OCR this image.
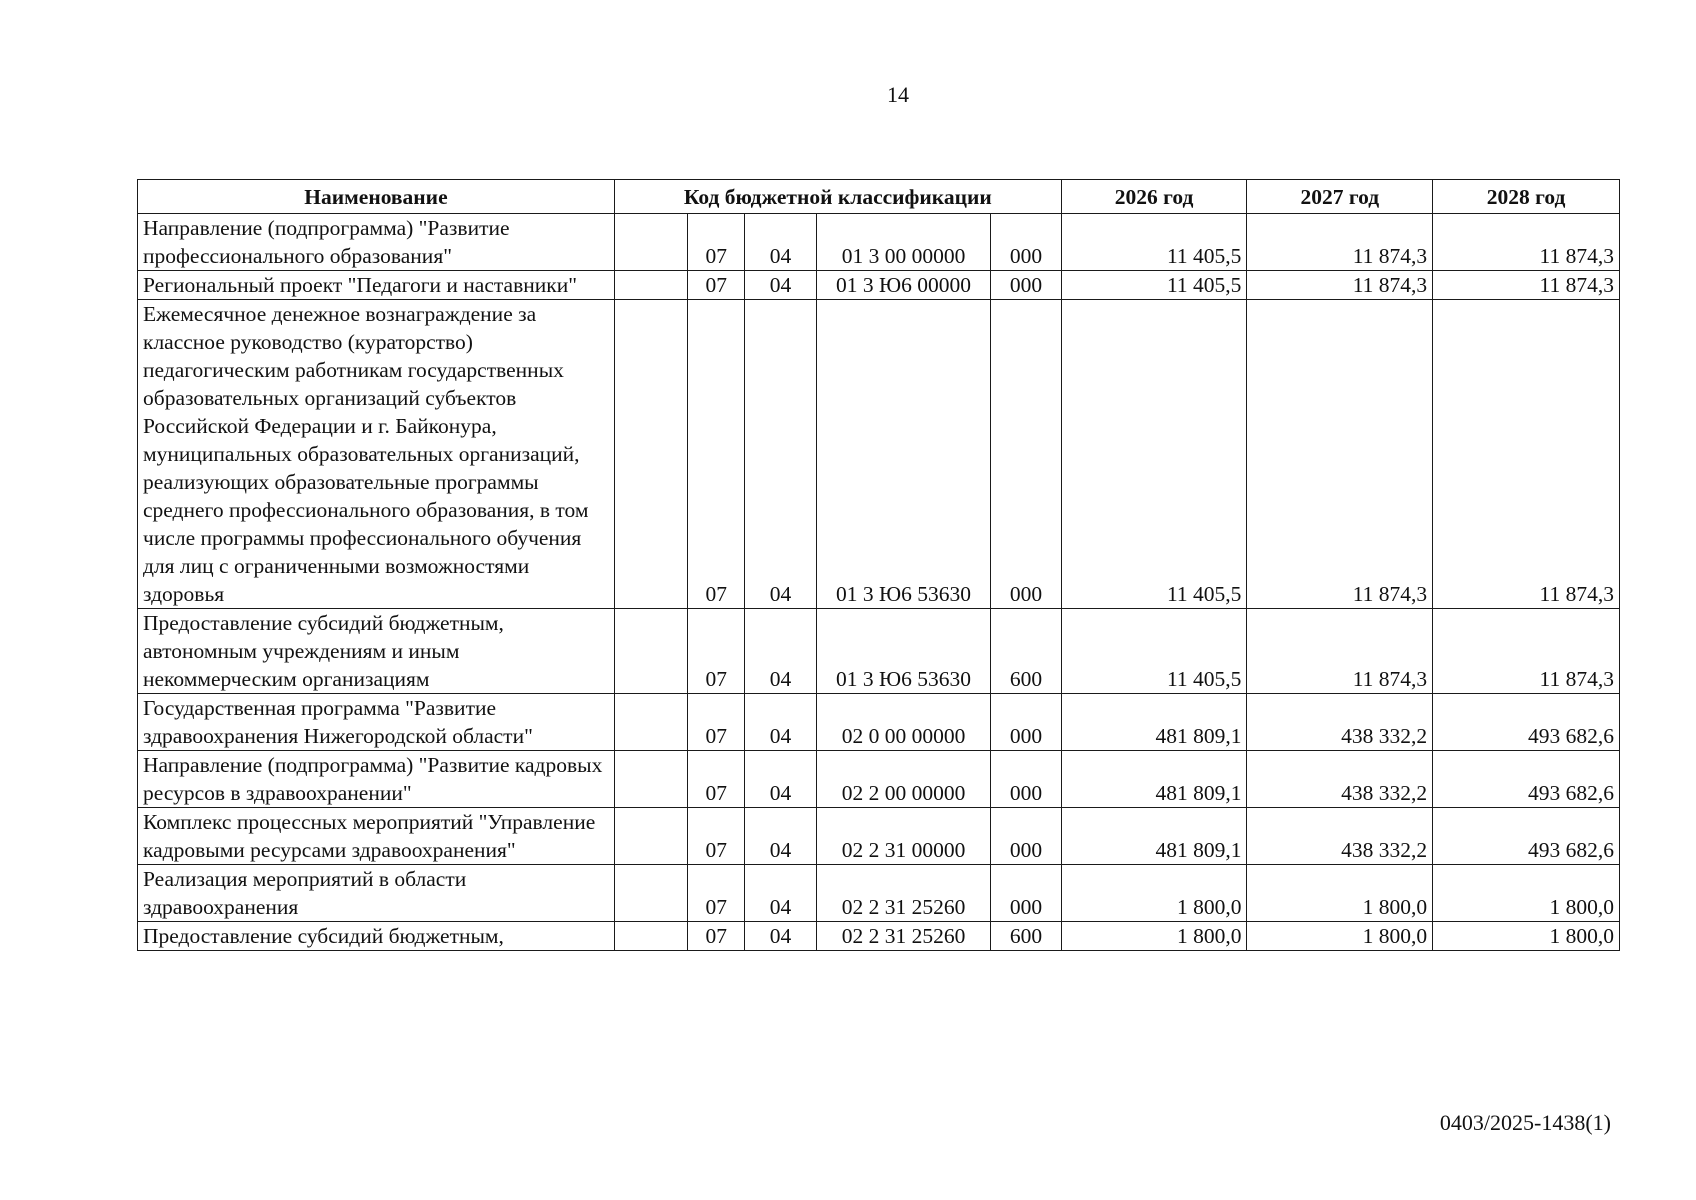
14
Наименование	Код бюджетной классификации					2026 год	2027 год	2028 год
Направление (подпрограмма) "Развитие профессионального образования"		07	04	01 3 00 00000	000	11 405,5	11 874,3	11 874,3
Региональный проект "Педагоги и наставники"		07	04	01 3 Ю6 00000	000	11 405,5	11 874,3	11 874,3
Ежемесячное денежное вознаграждение за классное руководство (кураторство) педагогическим работникам государственных образовательных организаций субъектов Российской Федерации и г. Байконура, муниципальных образовательных организаций, реализующих образовательные программы среднего профессионального образования, в том числе программы профессионального обучения для лиц с ограниченными возможностями здоровья		07	04	01 3 Ю6 53630	000	11 405,5	11 874,3	11 874,3
Предоставление субсидий бюджетным, автономным учреждениям и иным некоммерческим организациям		07	04	01 3 Ю6 53630	600	11 405,5	11 874,3	11 874,3
Государственная программа "Развитие здравоохранения Нижегородской области"		07	04	02 0 00 00000	000	481 809,1	438 332,2	493 682,6
Направление (подпрограмма) "Развитие кадровых ресурсов в здравоохранении"		07	04	02 2 00 00000	000	481 809,1	438 332,2	493 682,6
Комплекс процессных мероприятий "Управление кадровыми ресурсами здравоохранения"		07	04	02 2 31 00000	000	481 809,1	438 332,2	493 682,6
Реализация мероприятий в области здравоохранения		07	04	02 2 31 25260	000	1 800,0	1 800,0	1 800,0
Предоставление субсидий бюджетным,		07	04	02 2 31 25260	600	1 800,0	1 800,0	1 800,0
0403/2025-1438(1)
